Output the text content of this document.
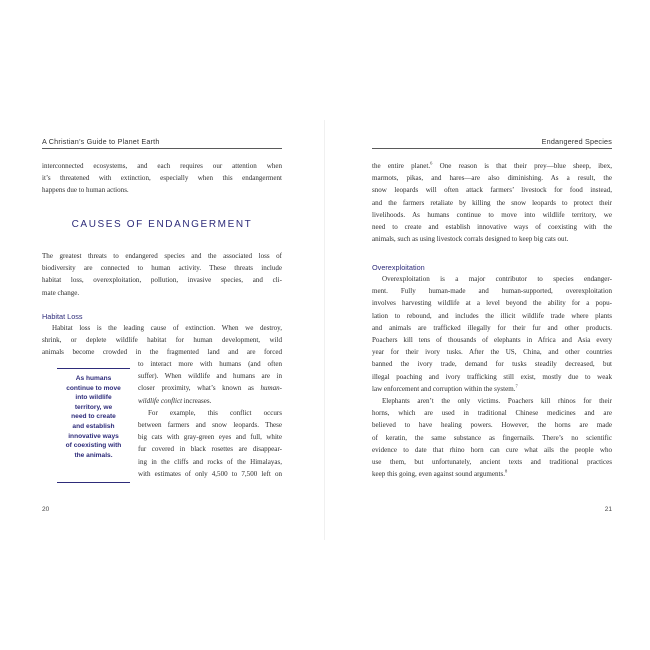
A Christian’s Guide to Planet Earth

interconnected ecosystems, and each requires our attention when

it’s threatened with extinction, especially when this endangerment

happens due to human actions.

CAUSES OF ENDANGERMENT

The greatest threats to endangered species and the associated loss of

biodiversity are connected to human activity. These threats include

habitat loss, overexploitation, pollution, invasive species, and cli-

mate change.

Habitat Loss

Habitat loss is the leading cause of extinction. When we destroy,

shrink, or deplete wildlife habitat for human development, wild

animals become crowded in the fragmented land and are forced

to interact more with humans (and often

suffer). When wildlife and humans are in

closer proximity, what’s known as human-

wildlife conflict increases.

For example, this conflict occurs

between farmers and snow leopards. These

big cats with gray-green eyes and full, white

fur covered in black rosettes are disappear-

ing in the cliffs and rocks of the Himalayas,

with estimates of only 4,500 to 7,500 left on

As humans
continue to move
into wildlife
territory, we
need to create
and establish
innovative ways
of coexisting with
the animals.
20
Endangered Species

the entire planet.$^6$ One reason is that their prey—blue sheep, ibex,

marmots, pikas, and hares—are also diminishing. As a result, the

snow leopards will often attack farmers’ livestock for food instead,

and the farmers retaliate by killing the snow leopards to protect their

livelihoods. As humans continue to move into wildlife territory, we

need to create and establish innovative ways of coexisting with the

animals, such as using livestock corrals designed to keep big cats out.

Overexploitation

Overexploitation is a major contributor to species endanger-

ment. Fully human-made and human-supported, overexploitation

involves harvesting wildlife at a level beyond the ability for a popu-

lation to rebound, and includes the illicit wildlife trade where plants

and animals are trafficked illegally for their fur and other products.

Poachers kill tens of thousands of elephants in Africa and Asia every

year for their ivory tusks. After the US, China, and other countries

banned the ivory trade, demand for tusks steadily decreased, but

illegal poaching and ivory trafficking still exist, mostly due to weak

law enforcement and corruption within the system.$^7$

Elephants aren’t the only victims. Poachers kill rhinos for their

horns, which are used in traditional Chinese medicines and are

believed to have healing powers. However, the horns are made

of keratin, the same substance as fingernails. There’s no scientific

evidence to date that rhino horn can cure what ails the people who

use them, but unfortunately, ancient texts and traditional practices

keep this going, even against sound arguments.$^8$

21
